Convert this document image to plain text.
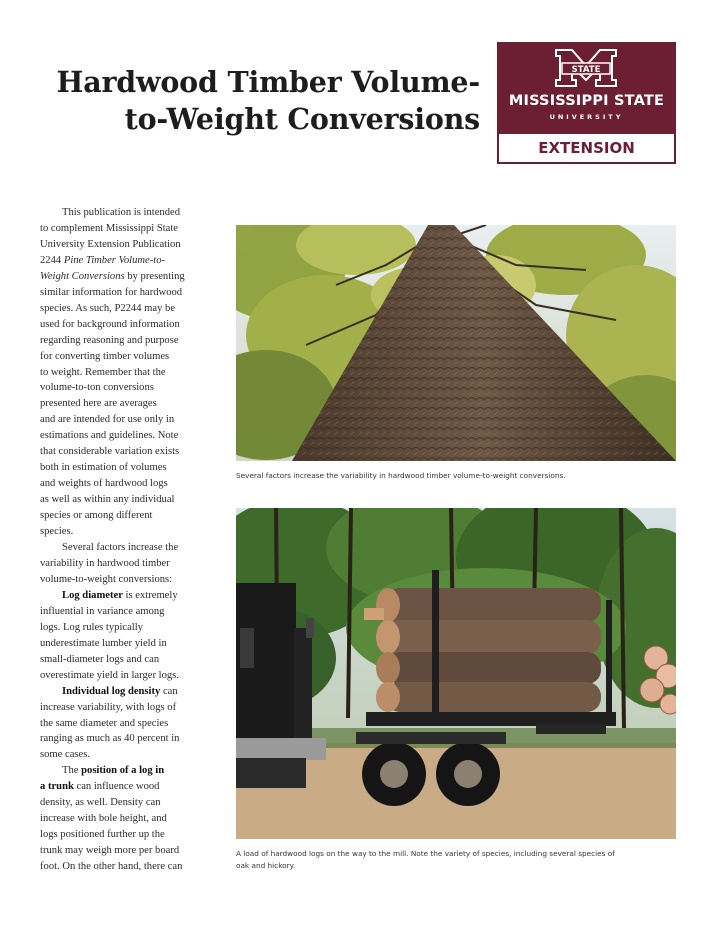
Hardwood Timber Volume-
to-Weight Conversions
STATE
MISSISSIPPI STATE
UNIVERSITY
EXTENSION
This publication is intended
to complement Mississippi State
University Extension Publication
2244 Pine Timber Volume-to-
Weight Conversions by presenting
similar information for hardwood
species. As such, P2244 may be
used for background information
regarding reasoning and purpose
for converting timber volumes
to weight. Remember that the
volume-to-ton conversions
presented here are averages
and are intended for use only in
estimations and guidelines. Note
that considerable variation exists
both in estimation of volumes
and weights of hardwood logs
as well as within any individual
species or among different
species.
Several factors increase the
variability in hardwood timber
volume-to-weight conversions:
Log diameter is extremely
influential in variance among
logs. Log rules typically
underestimate lumber yield in
small-diameter logs and can
overestimate yield in larger logs.
Individual log density can
increase variability, with logs of
the same diameter and species
ranging as much as 40 percent in
some cases.
The position of a log in
a trunk can influence wood
density, as well. Density can
increase with bole height, and
logs positioned further up the
trunk may weigh more per board
foot. On the other hand, there can
Several factors increase the variability in hardwood timber volume-to-weight conversions.
A load of hardwood logs on the way to the mill. Note the variety of species, including several species of
oak and hickory.
